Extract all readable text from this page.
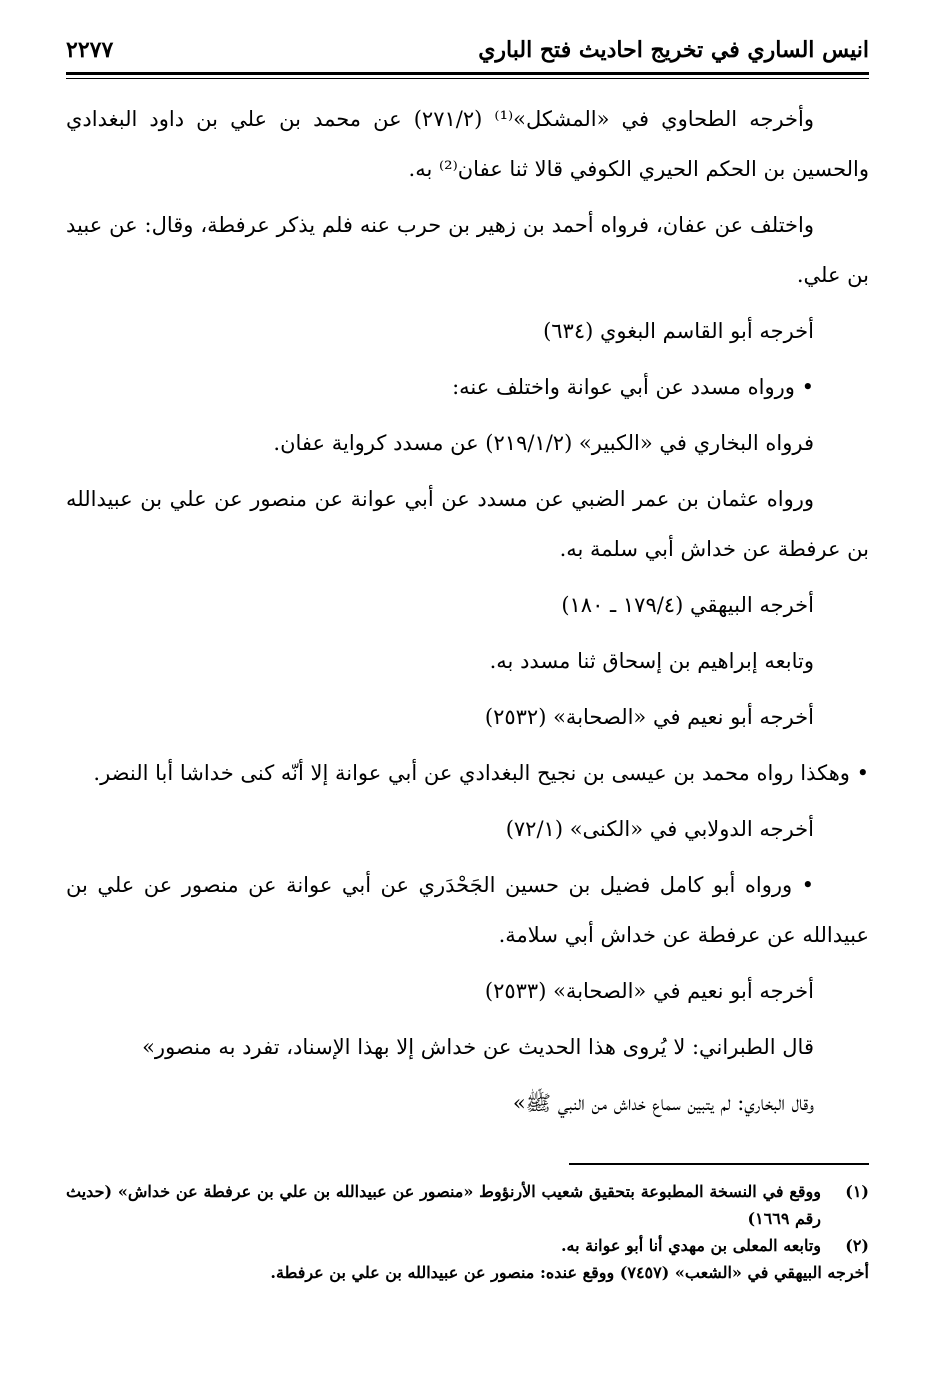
انيس الساري في تخريج احاديث فتح الباري
٢٢٧٧

وأخرجه الطحاوي في «المشكل»⁽¹⁾ (٢٧١/٢) عن محمد بن علي بن داود البغدادي والحسين بن الحكم الحيري الكوفي قالا ثنا عفان⁽²⁾ به.

واختلف عن عفان، فرواه أحمد بن زهير بن حرب عنه فلم يذكر عرفطة، وقال: عن عبيد بن علي.

أخرجه أبو القاسم البغوي (٦٣٤)

• ورواه مسدد عن أبي عوانة واختلف عنه:

فرواه البخاري في «الكبير» (٢١٩/١/٢) عن مسدد كرواية عفان.

ورواه عثمان بن عمر الضبي عن مسدد عن أبي عوانة عن منصور عن علي بن عبيدالله بن عرفطة عن خداش أبي سلمة به.

أخرجه البيهقي (١٧٩/٤ ـ ١٨٠)

وتابعه إبراهيم بن إسحاق ثنا مسدد به.

أخرجه أبو نعيم في «الصحابة» (٢٥٣٢)

• وهكذا رواه محمد بن عيسى بن نجيح البغدادي عن أبي عوانة إلا أنّه كنى خداشا أبا النضر.

أخرجه الدولابي في «الكنى» (٧٢/١)

• ورواه أبو كامل فضيل بن حسين الجَحْدَري عن أبي عوانة عن منصور عن علي بن عبيدالله عن عرفطة عن خداش أبي سلامة.

أخرجه أبو نعيم في «الصحابة» (٢٥٣٣)

قال الطبراني: لا يُروى هذا الحديث عن خداش إلا بهذا الإسناد، تفرد به منصور»

وقال البخاري: لم يتبين سماع خداش من النبي ﷺ»

(١)
ووقع في النسخة المطبوعة بتحقيق شعيب الأرنؤوط «منصور عن عبيدالله بن علي بن عرفطة عن خداش» (حديث رقم ١٦٦٩)
(٢)
وتابعه المعلى بن مهدي أنا أبو عوانة به.
أخرجه البيهقي في «الشعب» (٧٤٥٧) ووقع عنده: منصور عن عبيدالله بن علي بن عرفطة.
